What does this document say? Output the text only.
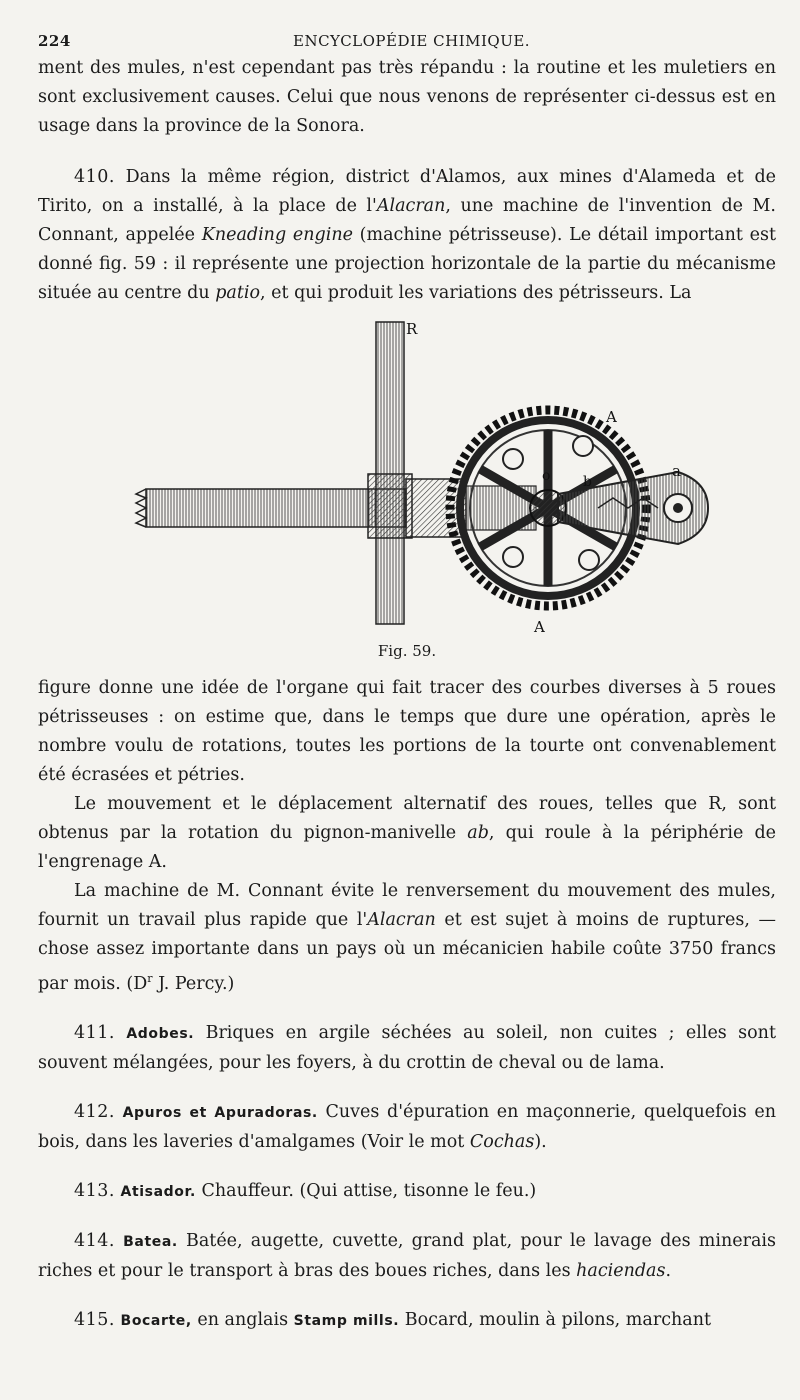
224	ENCYCLOPÉDIE CHIMIQUE.

ment des mules, n'est cependant pas très répandu : la routine et les muletiers en sont exclusivement causes. Celui que nous venons de représenter ci-dessus est en usage dans la province de la Sonora.

410. Dans la même région, district d'Alamos, aux mines d'Alameda et de Tirito, on a installé, à la place de l'Alacran, une machine de l'invention de M. Connant, appelée Kneading engine (machine pétrisseuse). Le détail important est donné fig. 59 : il représente une projection horizontale de la partie du mécanisme située au centre du patio, et qui produit les variations des pétrisseurs. La

R
A
A
a
b
o
Fig. 59.

figure donne une idée de l'organe qui fait tracer des courbes diverses à 5 roues pétrisseuses : on estime que, dans le temps que dure une opération, après le nombre voulu de rotations, toutes les portions de la tourte ont convenablement été écrasées et pétries.

Le mouvement et le déplacement alternatif des roues, telles que R, sont obtenus par la rotation du pignon-manivelle ab, qui roule à la périphérie de l'engrenage A.

La machine de M. Connant évite le renversement du mouvement des mules, fournit un travail plus rapide que l'Alacran et est sujet à moins de ruptures, — chose assez importante dans un pays où un mécanicien habile coûte 3750 francs par mois. ($D^r$ J. Percy.)

411. Adobes. Briques en argile séchées au soleil, non cuites ; elles sont souvent mélangées, pour les foyers, à du crottin de cheval ou de lama.

412. Apuros et Apuradoras. Cuves d'épuration en maçonnerie, quelquefois en bois, dans les laveries d'amalgames (Voir le mot Cochas).

413. Atisador. Chauffeur. (Qui attise, tisonne le feu.)

414. Batea. Batée, augette, cuvette, grand plat, pour le lavage des minerais riches et pour le transport à bras des boues riches, dans les haciendas.

415. Bocarte, en anglais Stamp mills. Bocard, moulin à pilons, marchant
